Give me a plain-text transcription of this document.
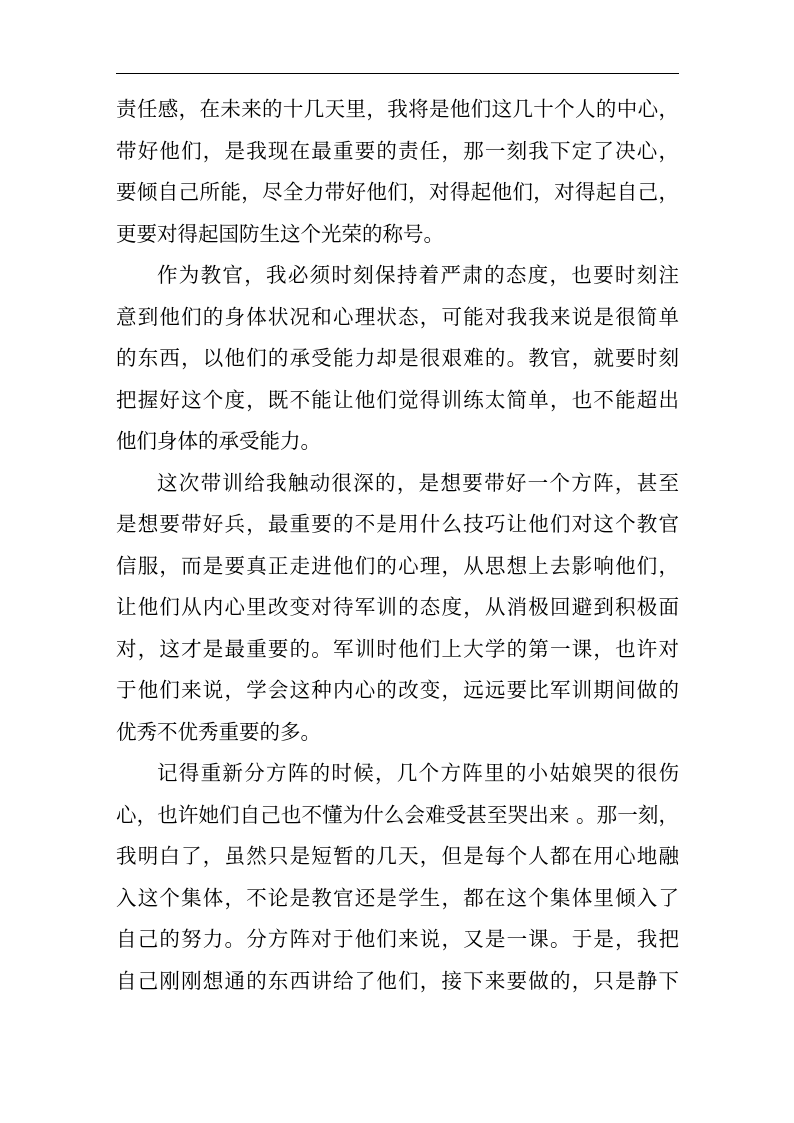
责任感，在未来的十几天里，我将是他们这几十个人的中心，
带好他们，是我现在最重要的责任，那一刻我下定了决心，
要倾自己所能，尽全力带好他们，对得起他们，对得起自己，
更要对得起国防生这个光荣的称号。
作为教官，我必须时刻保持着严肃的态度，也要时刻注
意到他们的身体状况和心理状态，可能对我我来说是很简单
的东西，以他们的承受能力却是很艰难的。教官，就要时刻
把握好这个度，既不能让他们觉得训练太简单，也不能超出
他们身体的承受能力。
这次带训给我触动很深的，是想要带好一个方阵，甚至
是想要带好兵，最重要的不是用什么技巧让他们对这个教官
信服，而是要真正走进他们的心理，从思想上去影响他们，
让他们从内心里改变对待军训的态度，从消极回避到积极面
对，这才是最重要的。军训时他们上大学的第一课，也许对
于他们来说，学会这种内心的改变，远远要比军训期间做的
优秀不优秀重要的多。
记得重新分方阵的时候，几个方阵里的小姑娘哭的很伤
心，也许她们自己也不懂为什么会难受甚至哭出来 。那一刻，
我明白了，虽然只是短暂的几天，但是每个人都在用心地融
入这个集体，不论是教官还是学生，都在这个集体里倾入了
自己的努力。分方阵对于他们来说，又是一课。于是，我把
自己刚刚想通的东西讲给了他们，接下来要做的，只是静下
